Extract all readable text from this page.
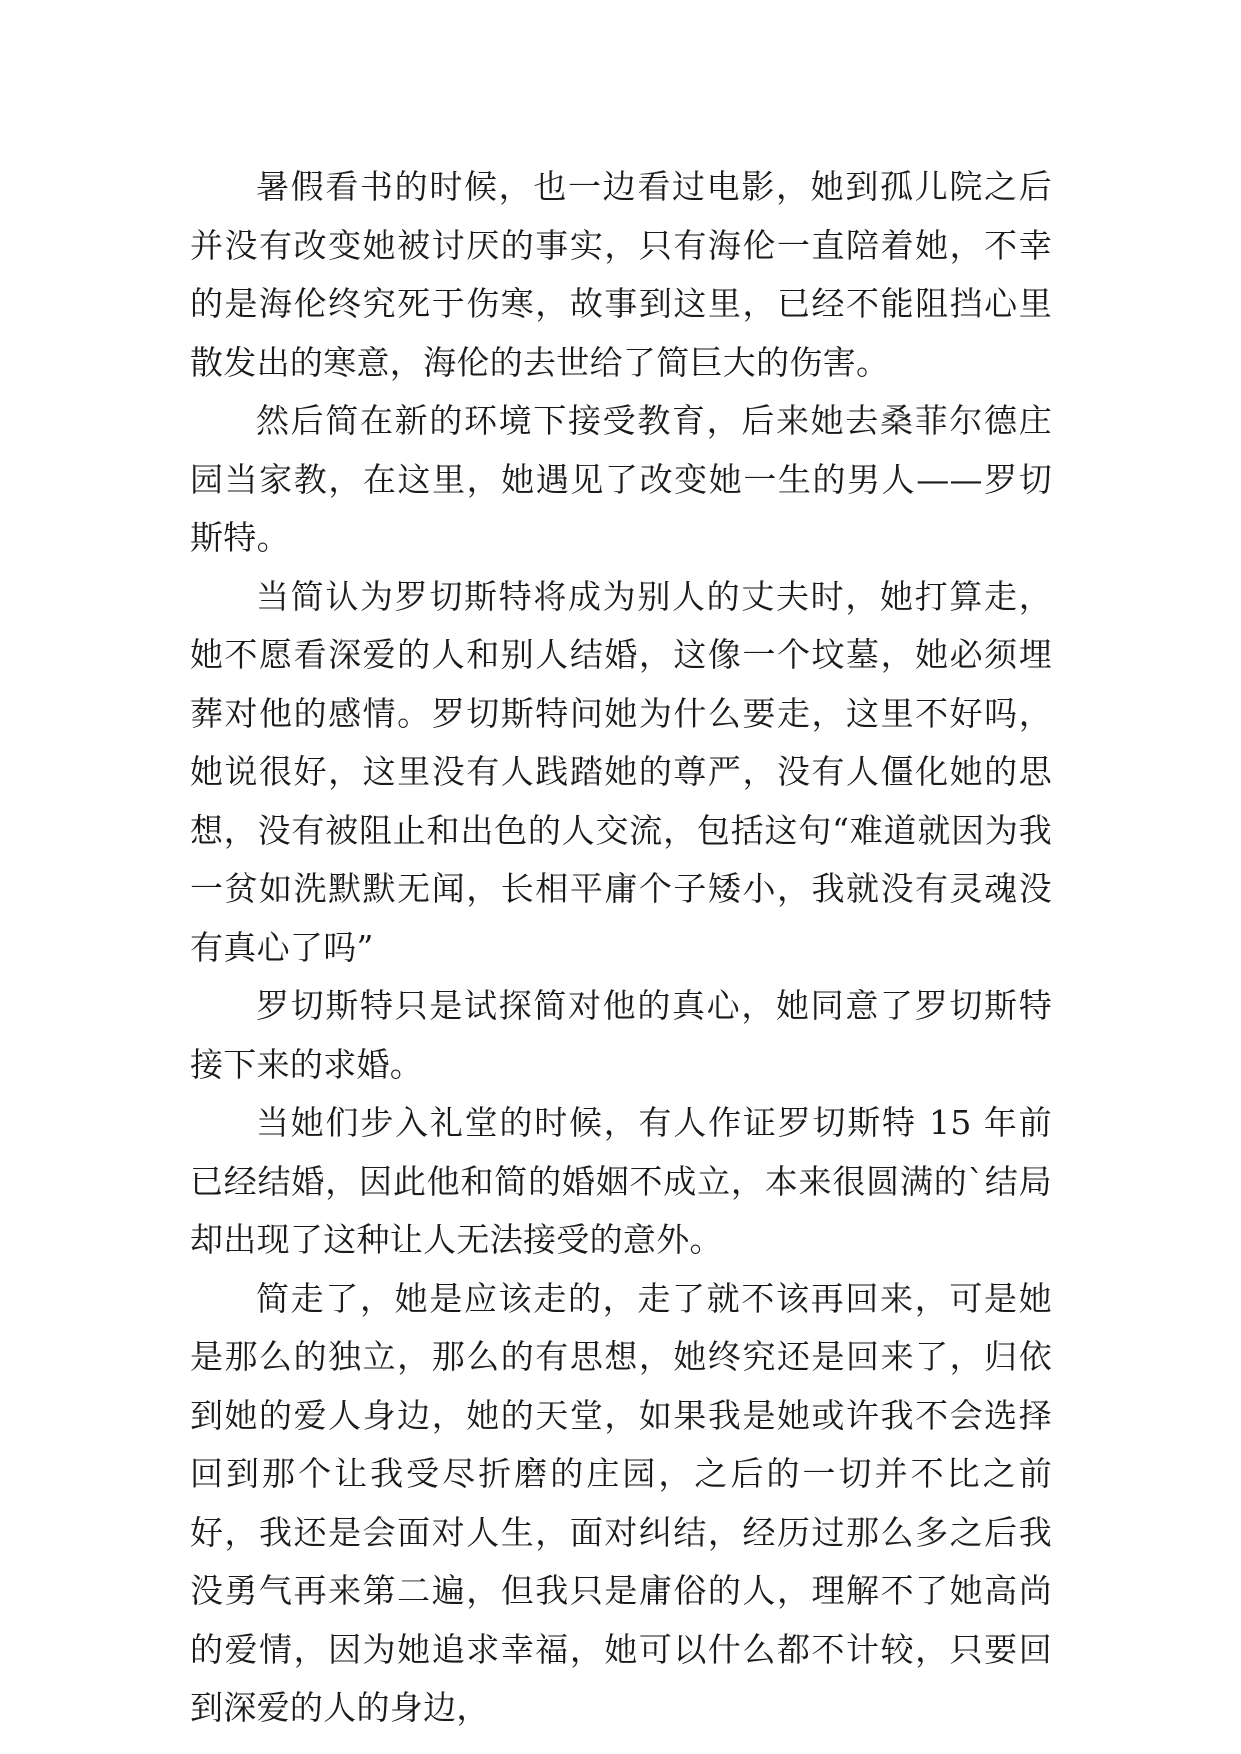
暑假看书的时候，也一边看过电影，她到孤儿院之后并没有改变她被讨厌的事实，只有海伦一直陪着她，不幸的是海伦终究死于伤寒，故事到这里，已经不能阻挡心里散发出的寒意，海伦的去世给了简巨大的伤害。

然后简在新的环境下接受教育，后来她去桑菲尔德庄园当家教，在这里，她遇见了改变她一生的男人——罗切斯特。

当简认为罗切斯特将成为别人的丈夫时，她打算走，她不愿看深爱的人和别人结婚，这像一个坟墓，她必须埋葬对他的感情。罗切斯特问她为什么要走，这里不好吗，她说很好，这里没有人践踏她的尊严，没有人僵化她的思想，没有被阻止和出色的人交流，包括这句“难道就因为我一贫如洗默默无闻，长相平庸个子矮小，我就没有灵魂没有真心了吗”

罗切斯特只是试探简对他的真心，她同意了罗切斯特接下来的求婚。

当她们步入礼堂的时候，有人作证罗切斯特 15 年前已经结婚，因此他和简的婚姻不成立，本来很圆满的`结局却出现了这种让人无法接受的意外。

简走了，她是应该走的，走了就不该再回来，可是她是那么的独立，那么的有思想，她终究还是回来了，归依到她的爱人身边，她的天堂，如果我是她或许我不会选择回到那个让我受尽折磨的庄园，之后的一切并不比之前好，我还是会面对人生，面对纠结，经历过那么多之后我没勇气再来第二遍，但我只是庸俗的人，理解不了她高尚的爱情，因为她追求幸福，她可以什么都不计较，只要回到深爱的人的身边，
